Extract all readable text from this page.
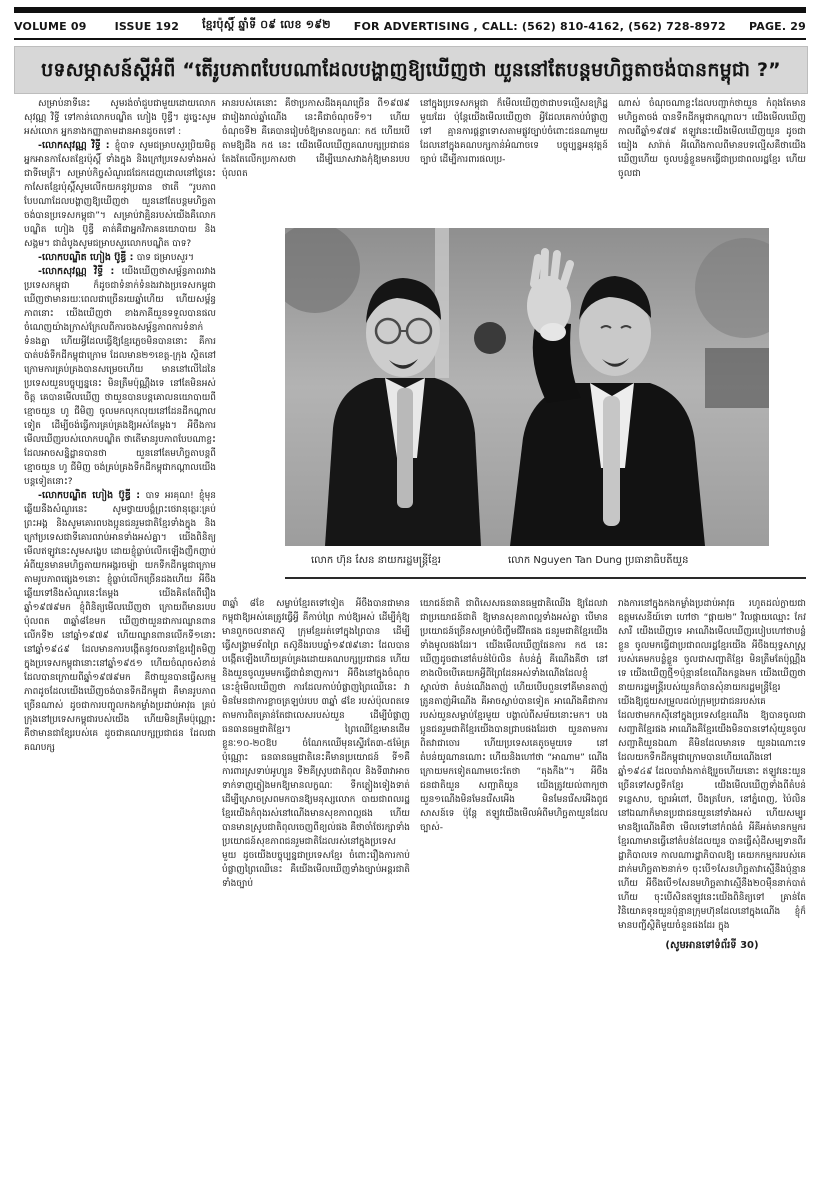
VOLUME 09	ISSUE 192 ខ្មែរប៉ុស្តិ៍ ឆ្នាំទី ០៩ លេខ ១៩២ FOR ADVERTISING , CALL: (562) 810-4162, (562) 728-8972 PAGE. 29
បទសម្ភាសន៍ស្តីអំពី “តើរូបភាពបែបណាដែលបង្ហាញឱ្យឃើញថា យួននៅតែបន្តមហិច្ឆតាចង់បានកម្ពុជា ?”

សម្រាប់នាទីនេះ សូមរង់ចាំជួបជាមួយដោយលោក សុវណ្ណ វិទ្ធី ទៅកាន់លោកបណ្ឌិត ហៀង ប៊ូឌ្ធី។ ដូច្នេះសូមអស់លោក អ្នកនាងកញ្ញាតាមដានអានដូចតទៅ :

-លោកសុវណ្ណ វិទ្ធី : ខ្ញុំបាទ សូមជម្រាបសួរប្រិយមិត្តអ្នកអានកាសែតខ្មែរប៉ុស្តិ៍ ទាំងក្នុង និងក្រៅប្រទេសទាំងអស់ជាទីមេត្រី។ សម្រាប់កិច្ចសំណួរជជែកដេញដោលនៅថ្ងៃនេះ កាសែតខ្មែរប៉ុស្តិ៍សូមលើកយកនូវប្រធាន ថាតើ “រូបភាពបែបណាដែលបង្ហាញឱ្យឃើញថា យួននៅតែបន្តមហិច្ឆតាចង់បានប្រទេសកម្ពុជា”។ សម្រាប់វាគ្មិនរបស់យើងគឺលោកបណ្ឌិត ហៀង ប៊ូឌ្ធី គាត់គឺជាអ្នកវិភាគនយោបាយ និងសង្គម។ ជាដំបូងសូមជម្រាបសួរលោកបណ្ឌិត បាទ?

-លោកបណ្ឌិត ហៀង ប៊ូឌ្ធី : បាទ ជម្រាបសួរ។

-លោកសុវណ្ណ វិទ្ធី : យើងឃើញថាសម្ព័ន្ធភាពរវាងប្រទេសកម្ពុជា ក៏ដូចជាទំនាក់ទំនងរវាងប្រទេសកម្ពុជា ឃើញថាមានរយៈពេលជាច្រើនរយឆ្នាំហើយ ហើយសម្ព័ន្ធភាពនោះ យើងឃើញថា ខាងភាគីយួនទទួលបានផលចំណេញយ៉ាងក្រាស់ក្រែលពីការចងសម្ព័ន្ធភាពការទំនាក់ទំនងគ្នា ហើយអ្វីដែលធ្វើឱ្យខ្មែរភ្លេចមិនបាននោះ គឺការបាត់បង់ទឹកដីកម្ពុជាក្រោម ដែលមាន២១ខេត្ត-ក្រុង ស្ថិតនៅក្រោមការគ្រប់គ្រងបានសម្រេចហើយ មាននៅលើដៃនៃប្រទេសយួនបច្ចុប្បន្ននេះ មិនត្រឹមប៉ុណ្ណឹងទេ នៅតែមិនអស់ចិត្ត គេបានមើលឃើញ ថាយួនបានបន្តគោលនយោបាយពីខ្មោចយួន ហូ ជីមិញ ចូលមកលុកលុយនៅដែនដីកណ្តាលទៀត ដើម្បីចង់ធ្វើការគ្រប់គ្រងឱ្យអស់តែម្តង។ អីចឹងការមើលឃើញរបស់លោកបណ្ឌិត ថាតើមានរូបភាពបែបណាខ្លះដែលអាចសន្និដ្ឋានបានថា យួននៅតែមហិច្ឆតាបន្តពីខ្មោចយួន ហូ ជីមិញ ចង់គ្រប់គ្រងទឹកដីកម្ពុជាកណ្តាលយើងបន្តទៀតនោះ?

-លោកបណ្ឌិត ហៀង ប៊ូឌ្ធី : បាទ អរគុណ! ខ្ញុំមុនឆ្លើយនឹងសំណួរនេះ សូមថ្វាយបង្គំព្រះថេរានុត្ថេរៈគ្រប់ព្រះអង្គ និងសូមគោរពបងប្អូនជនរួមជាតិខ្មែរទាំងក្នុង និងក្រៅប្រទេសជាទីគោរពរាប់អានទាំងអស់គ្នា។ យើងពិនិត្យមើលឥឡូវនេះសូមសង្ខេប ដោយខ្ញុំធ្លាប់លើកឡើងញឹកញាប់អំពីយួនមានមហិច្ឆតាយកអង្គរចម្ប៉ា យកទឹកដីកម្ពុជាក្រោម តាមរូបភាពផ្សេង១នោះ ខ្ញុំធ្លាប់លើកច្រើនដងហើយ អីចឹងឆ្លើយទៅនឹងសំណួរនេះតែម្តង យើងគិតតែពីរឿងឆ្នាំ១៩៧៩មក ខ្ញុំពិនិត្យមើលឃើញថា ក្រោយពីមានរបបប៉ុលពត ៣ឆ្នាំ៨ខែមក ឃើញថាយួនជាការឈ្លានពានលើកទី២ នៅឆ្នាំ១៩៧៩ ហើយឈ្លានពានលើកទី១នោះនៅឆ្នាំ១៩៤៩ ដែលមានការបង្កើតនូវចលនាខ្មែរវៀតមិញ ក្នុងប្រទេសកម្ពុជានោះនៅឆ្នាំ១៩៥១ ហើយចំណុចសំខាន់ដែលបានក្រោយពីឆ្នាំ១៩៧៩មក គឺថាយួនបានធ្វើសកម្មភាពដូចដែលយើងឃើញចង់បានទឹកដីកម្ពុជា គឺមានរូបភាពច្រើនណាស់ ដូចជាការបញ្ចូលកងកម្លាំងប្រដាប់អាវុធ គ្រប់ក្រុងនៅប្រទេសកម្ពុជារបស់យើង ហើយមិនត្រឹមប៉ុណ្ណោះគឺថាមានជាខ្សែរបស់គេ ដូចជាគណបក្សប្រជាជន ដែលជាគណបក្ស

អានរបស់គេនោះ គឺថាប្រកាសដឹងគុណច្រើន ពី១៩៧៩ ជារៀងរាល់ឆ្នាំណើង នេះគឺជាចំណុចទី១។ ហើយចំណុចទី២ គឺគេបានរៀបចំឱ្យមានលក្ខណៈ ក៥ ហើយបើតាមឱ្យដឹង ក៥ នេះ យើងមើលឃើញគណបក្សប្រជាជនតែងតែលើកប្រកាសថា ដើម្បីឃោសវាងកុំឱ្យមានរបបប៉ុលពត

នៅក្នុងប្រទេសកម្ពុជា ក៏មើលឃើញថាជាបទល្មើសឧក្រិដ្ឋមួយដែរ ប៉ុន្តែយើងមើលឃើញថា អ្វីដែលគេកាប់បំផ្លាញទៅ គ្មានការផ្តន្ទាទោសតាមផ្លូវច្បាប់ចំពោះជនណាមួយដែលនៅក្នុងគណបក្សកាន់អំណាចទេ បច្ចុប្បន្នអនុវត្តន៍ច្បាប់ ដើម្បីការពារផលប្រ-

ណាស់ ចំណុចណាខ្លះដែលបញ្ជាក់ថាយួន កំពុងតែមានមហិច្ឆតាចង់ បានទឹកដីកម្ពុជាកណ្តាល។ យើងមើលឃើញកាលពីឆ្នាំ១៩៧៩ ឥឡូវនេះយើងមើលឃើញយួន ដូចជា យៀង សារ៉ាត់ អីណើងកាលពីមានបទល្មើសគឺថាយើងឃើញហើយ ចូលបន្លំខ្លួនមកធ្វើជាប្រជាពលរដ្ឋខ្មែរ ហើយចូលជា

លោក ហ៊ុន សែន នាយករដ្ឋមន្ត្រីខ្មែរ	លោក Nguyen Tan Dung ប្រធានាធិបតីយួន

៣ឆ្នាំ ៨ខែ សម្លាប់ខ្មែរតទៅទៀត អីចឹងបានជាមានកម្ពុជាឱ្យអស់គេត្រូវធ្វើអ្វី គឺកាប់ព្រៃ កាប់ឱ្យអស់ ដើម្បីកុំឱ្យមានពួកចលនាតស៊ូ ក្រុមខ្មែររត់ទៅក្នុងព្រៃបាន ដើម្បីធ្វើសង្គ្រាមទ័ពព្រៃ តស៊ូនឹងរបបឆ្នាំ១៩៧៩នោះ ដែលបានបង្កើតឡើងហើយគ្រប់គ្រងដោយគណបក្សប្រជាជន ហើយនិងយួនចូលរួមមកធ្វើជាជំនាញការ។ អីចឹងនៅក្នុងចំណុចនេះខ្ញុំមើលឃើញថា ការដែលកាប់បំផ្លាញព្រៃឈើនេះ វាមិនមែនជាការខ្លាចត្រឡប់របប ៣ឆ្នាំ ៨ខែ របស់ប៉ុលពតទេ តាមការពិតគ្រាន់តែជាលេសរបស់យួន ដើម្បីបំផ្លាញធនធានធម្មជាតិខ្មែរ។ ព្រៃឈើខ្មែរមានដើមខ្លួនៈ១០-២០ឱប ចំណែកឈើមុនស្ទើរតែ៣-៥ម៉ែត្រប៉ុណ្ណោះ ធនធានធម្មជាតិនេះគឺមានប្រយោជន៍ ទី១គឺការពារស្រទាប់អូហ្សូន ទី២គឺស្រូបជាតិពុល និងទី៣វាអាចទាក់ទាញភ្លៀងមកឱ្យមានលក្ខណៈ ទឹកភ្លៀងទៀងទាត់ ដើម្បីស្រោចស្រពមកបានឱ្យមនុស្សលោក បាយជាពលរដ្ឋខ្មែរយើងកំពុងរស់នៅណើងមានសុខភាពល្អផង ហើយបានមានស្រូបជាតិពុលចេញពីខ្យល់ផង គឺថាចាំថែរក្សាទាំងប្រយោជន៍សុខភាពជនរួមជាតិដែលរស់នៅក្នុងប្រទេសមួយ ដូចយើងបច្ចុប្បន្នជាប្រទេសខ្មែរ ចំពោះរឿងការកាប់បំផ្លាញព្រៃឈើនេះ គឺយើងមើលឃើញទាំងច្បាប់អន្តរជាតិ ទាំងច្បាប់

យោជន៍ជាតិ ជាពិសេសធនធានធម្មជាតិឈើង ឱ្យដែលវាជាប្រយោជន៍ជាតិ ឱ្យមានសុខភាពល្អទាំងអស់គ្នា បើមានប្រយោជន៍ច្រើនសម្រាប់ចិញ្ចឹមជីវិតផង ជនរួមជាតិខ្មែរយើងទាំងមូលផងដែរ។ យើងមើលឃើញផែនការ ក៥ នេះ ឃើញដូចជានៅតំបន់ប៉ៃលិន តំបន់ភ្នំ គីណើងគឺថា នៅខាងលិចបើគេយកអ្វីពីព្រៃដែនអស់ទាំងណើងដែលខ្ញុំស្គាល់ថា តំបន់ណើងតាញ់ ហើយបើបពួនទៅគីមានតាញ់ ត្រូនតាញ់អីណើង គីអាចស្លាប់បានទៀត អាណើងគឺជាការរបស់យួនសម្លាប់ខ្មែរមួយ បង្ហាល់ពីសម័យនោះមក។ បងប្អូនជនរួមជាតិខ្មែរយើងបានជ្រាបផងដែរថា យួនតាមការពិតវាជាចោរ ហើយប្រទេសគេតូចមួយទេ នៅតំបន់យូណានណោះ ហើយនិងហៅថា “អាណាម” ណើង ក្រោយមកទៀតណាមចេះតែថា “តុងកឹង”។ អីចឹងជនជាតិយួន សញ្ជាតិយួន យើងត្រូវយល់ពាក្យថា យួន១ណើងមិនមែនរើសអើង មិនមែនរើសអើងពូជសាសន៍ទេ ប៉ុន្តែ ឥឡូវយើងមើលអំពីមហិច្ឆតាយួនដែលច្បាស់-

រាងការនៅក្នុងកងកម្លាំងប្រដាប់អាវុធ រហូតដល់ក្លាយជាឧត្តមសេនីយ៍ទោ ហៅថា “ផ្កាយ២” វិលផ្កាយឈ្មោះ កែវ សារី យើងឃើញទេ អាណើងមើលឃើញរបៀបហៅថាបន្លំខ្លួន ចូលមកធ្វើជាប្រជាពលរដ្ឋខ្មែរយើង អីចឹងយុទ្ធសាស្ត្ររបស់គេមកបន្លំខ្លួន ចូលជាសញ្ជាតិខ្មែរ មិនត្រឹមតែប៉ុណ្ណឹងទេ យើងឃើញថ្មី១ប៉ុន្មានខែណើងកន្លងមក យើងឃើញថានាយករដ្ឋមន្ត្រីរបស់យួនក៏បានសុំនាយករដ្ឋមន្ត្រីខ្មែរយើងឱ្យជួយសម្រួលដល់ក្រុមប្រជាជនរបស់គេដែលថាមកកស៊ីនៅក្នុងប្រទេសខ្មែរណើង ឱ្យបានចូលជាសញ្ជាតិខ្មែរផង អាណើងគឺខ្មែរយើងមិនបានទៅសុំយួនចូលសញ្ជាតិយួនឯណា គឺមិនដែលមានទេ យួនឯណោះទេ ដែលយកទឹកដីកម្ពុជាក្រោមបានហើយណើងនៅឆ្នាំ១៩៤៩ ដែលបារាំងកាត់ឱ្យរួចហើយនោះ ឥឡូវនេះយួនច្រើនទៅសព្វទឹកខ្មែរ យើងមើលឃើញទាំងពីតំបន់ទន្លេសាប, ច្បារអំពៅ, បឹងត្របែក, នៅភ្នំពេញ, ប៉ៃលិន នៅឯណាក៏មានប្រជាជនយួននៅទាំងអស់ ហើយសម្បូរមានឱ្យណើងគឺថា មើលទៅនៅកំពង់ធំ អីគីអត់មានកម្មករខ្មែរណាមានធ្វើនៅតំបន់ដែលយួន បានធ្វើសុំដីសម្បទានពីរដ្ឋាភិបាលទេ កាលណារដ្ឋាភិបាលឱ្យ គេយកកម្មកររបស់គេដាក់មហិច្ឆតា២នាក់១ ចុះបើ១សែនហិច្ឆតាវាស្មើនឹងប៉ុន្មានហើយ អីចឹងបើ១សែនមហិច្ឆតាវាស្មើនឹង២០ម៉ឺននាក់បាត់ហើយ ចុះបើសិនឥឡូវនេះយើងពិនិត្យទៅ គ្រាន់តែវិនិយោគទុនយួនប៉ុន្មានក្រុមហ៊ុនដែលនៅក្នុងណើង ខ្ញុំក៏មានបញ្ជីស្ថិតិមួយចំនួនផងដែរ ក្នុង

(សូមអានទៅទំព័រទី 30)
